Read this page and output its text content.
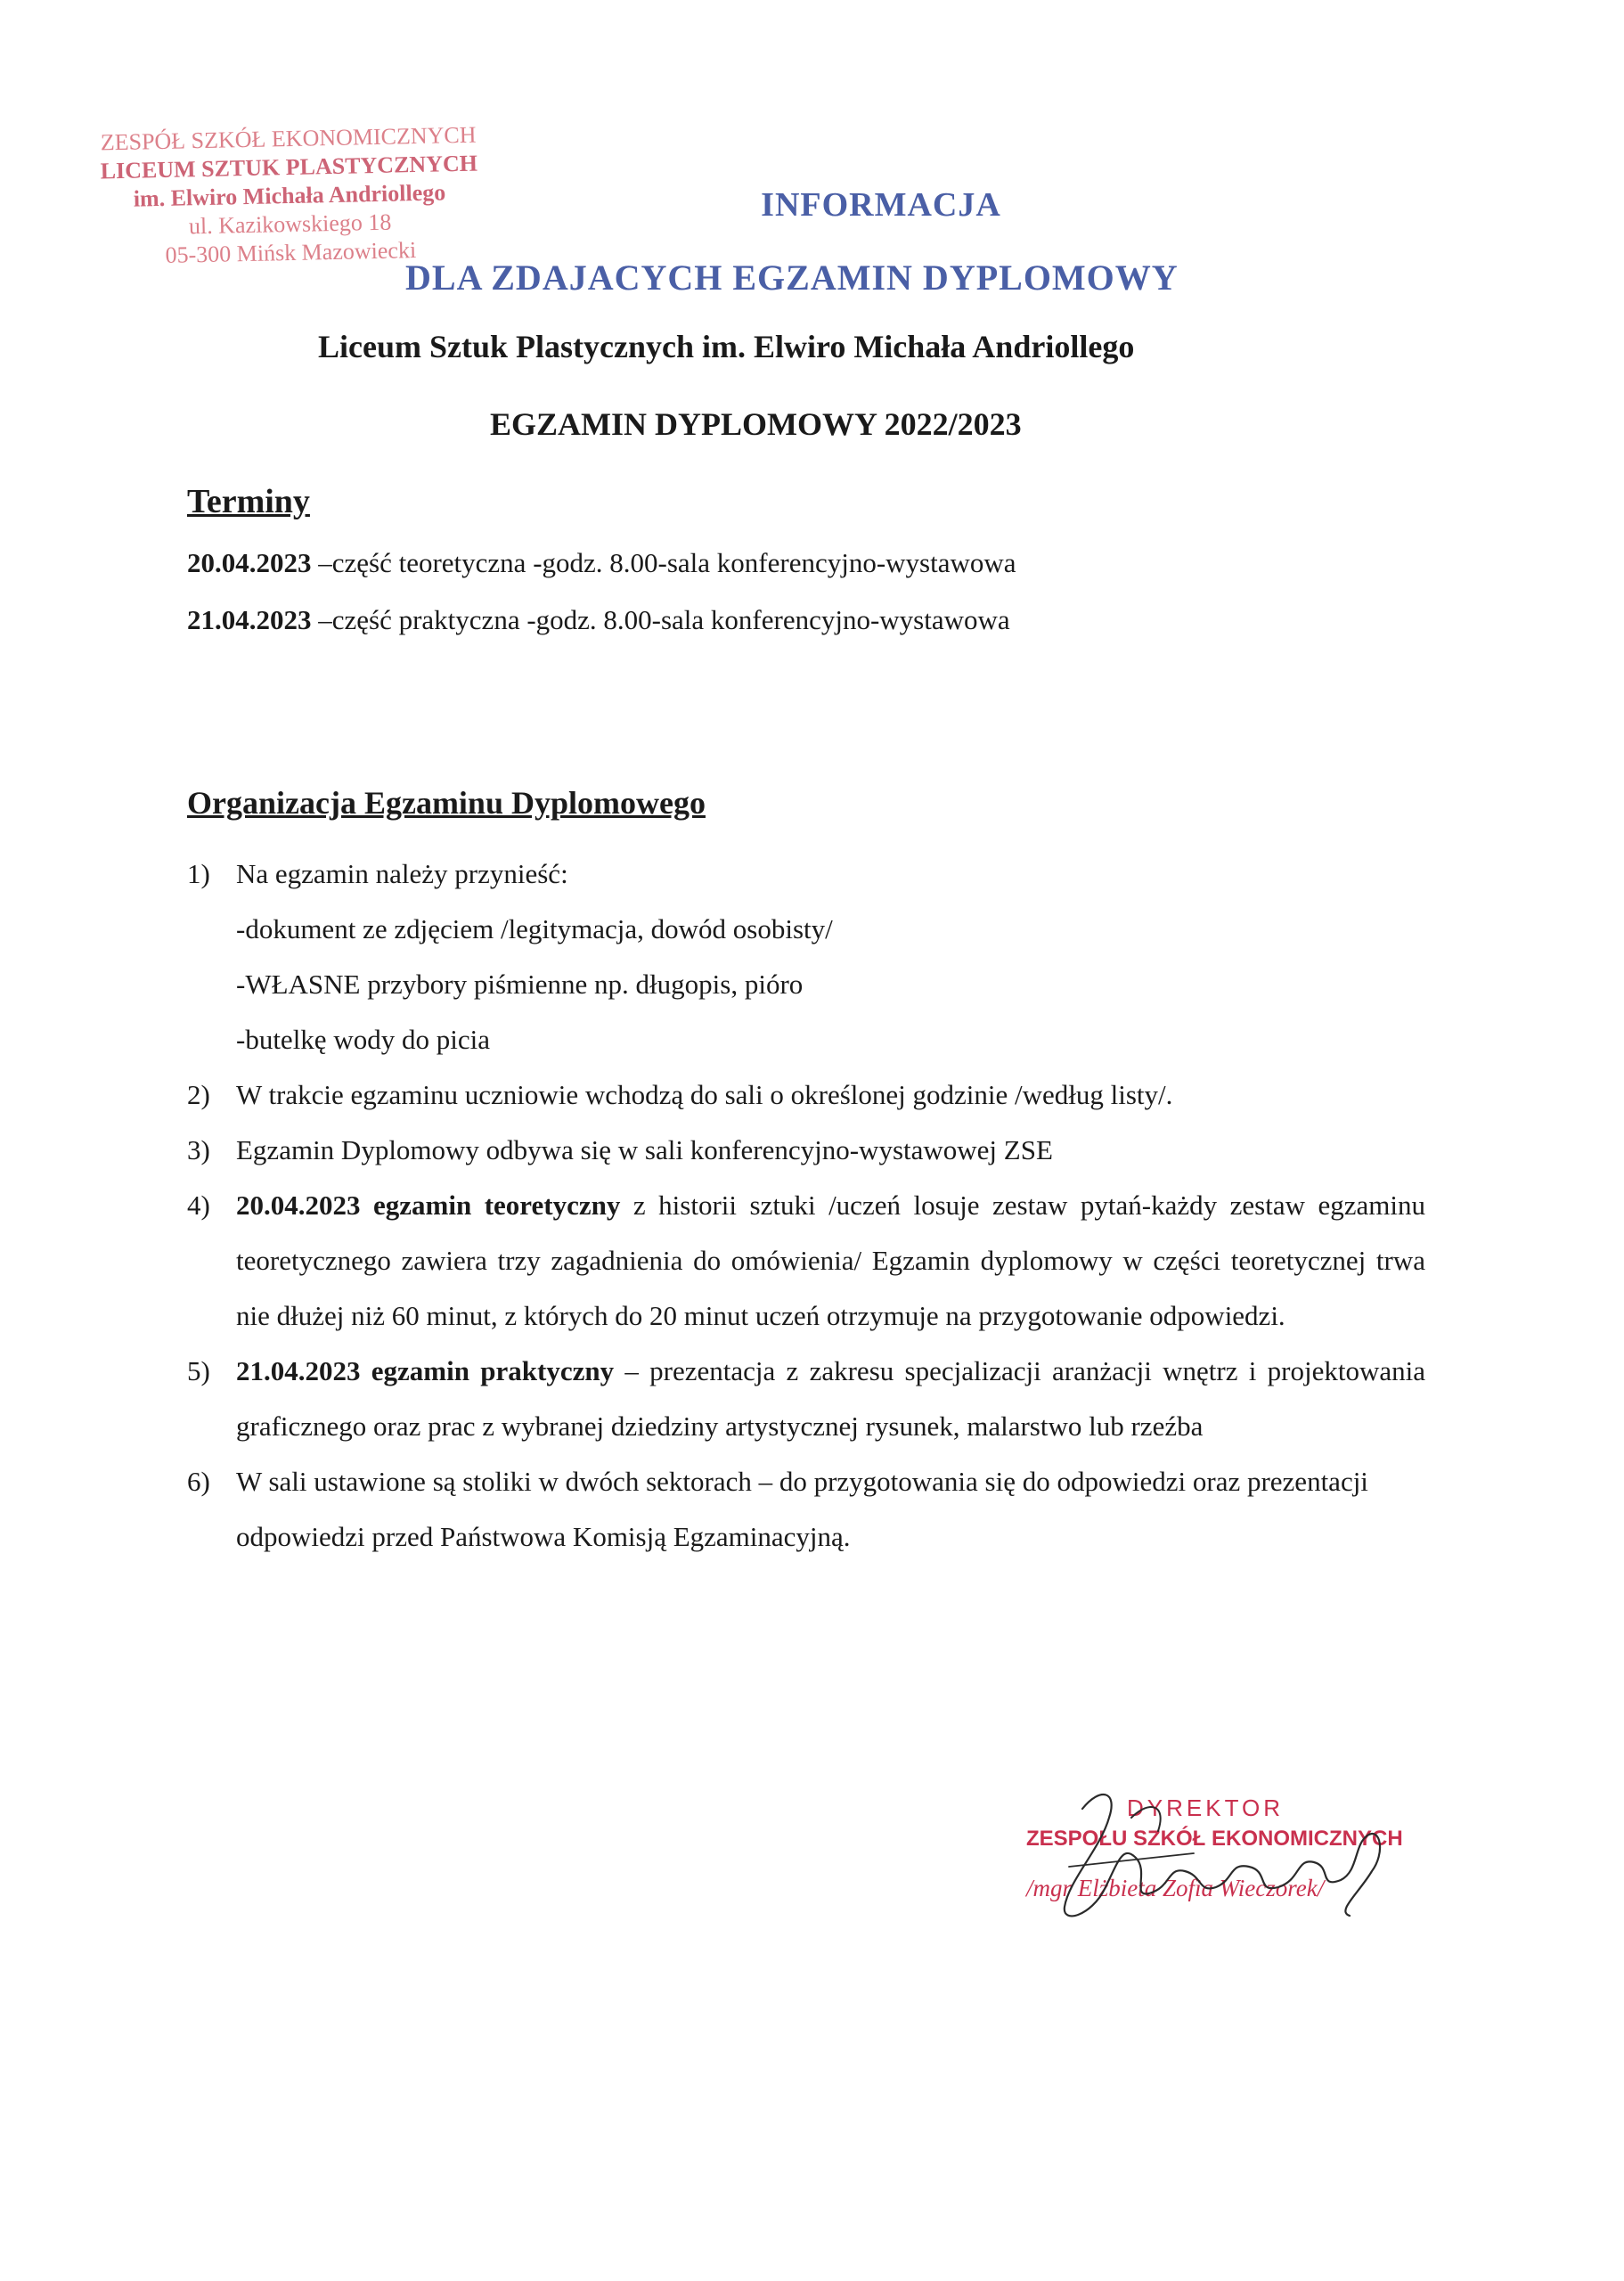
ZESPÓŁ SZKÓŁ EKONOMICZNYCH
LICEUM SZTUK PLASTYCZNYCH
im. Elwiro Michała Andriollego
ul. Kazikowskiego 18
05-300 Mińsk Mazowiecki
INFORMACJA
DLA ZDAJACYCH EGZAMIN DYPLOMOWY
Liceum Sztuk Plastycznych im. Elwiro Michała Andriollego
EGZAMIN DYPLOMOWY 2022/2023
Terminy
20.04.2023 –część teoretyczna -godz. 8.00-sala konferencyjno-wystawowa
21.04.2023 –część praktyczna -godz. 8.00-sala konferencyjno-wystawowa
Organizacja Egzaminu Dyplomowego
1) Na egzamin należy przynieść:
-dokument ze zdjęciem /legitymacja, dowód osobisty/
-WŁASNE przybory piśmienne np. długopis, pióro
-butelkę wody do picia
2) W trakcie egzaminu uczniowie wchodzą do sali o określonej godzinie /według listy/.
3) Egzamin Dyplomowy odbywa się w sali konferencyjno-wystawowej ZSE
4) 20.04.2023 egzamin teoretyczny z historii sztuki /uczeń losuje zestaw pytań-każdy zestaw egzaminu teoretycznego zawiera trzy zagadnienia do omówienia/ Egzamin dyplomowy w części teoretycznej trwa nie dłużej niż 60 minut, z których do 20 minut uczeń otrzymuje na przygotowanie odpowiedzi.
5) 21.04.2023 egzamin praktyczny – prezentacja z zakresu specjalizacji aranżacji wnętrz i projektowania graficznego oraz prac z wybranej dziedziny artystycznej rysunek, malarstwo lub rzeźba
6) W sali ustawione są stoliki w dwóch sektorach – do przygotowania się do odpowiedzi oraz prezentacji odpowiedzi przed Państwowa Komisją Egzaminacyjną.
DYREKTOR
ZESPOŁU SZKÓŁ EKONOMICZNYCH
/mgr Elżbieta Zofia Wieczorek/
